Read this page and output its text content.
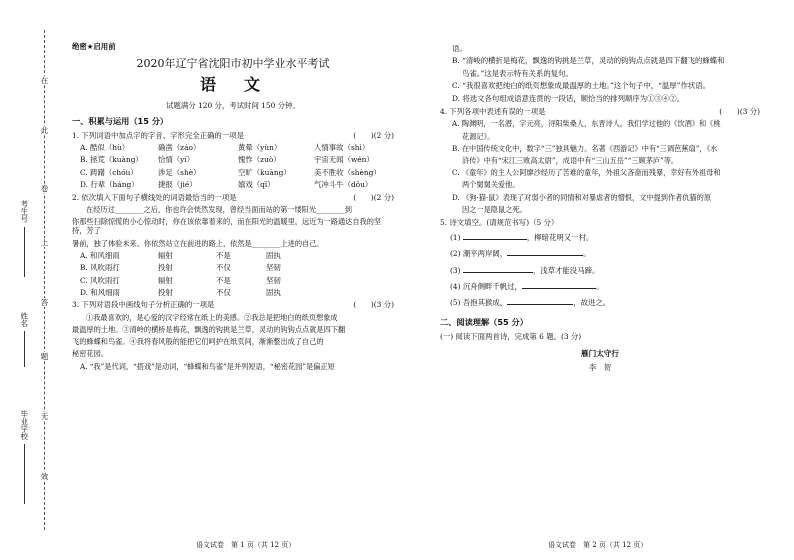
在
此
卷
上
答
题
无
效
考生号
姓名
毕业学校
绝密★启用前
2020年辽宁省沈阳市初中学业水平考试
语　文
试题满分 120 分，考试时间 150 分钟。
一、积累与运用（15 分）
1. 下列词语中加点字的字音、字形完全正确的一项是	(　　)(2 分)
A. 酷似（hù）	确凿（záo）	黄晕（yùn）	人情事故（shì）
B. 拯荒（kuàng）	恰情（yí）	愧怍（zuò）	宇宙无闻（wén）
C. 踌躇（chóu）	涉足（shè）	空旷（kuàng）	美不胜收（shèng）
D. 行辈（háng）	捷报（jié）	嬉戏（qī）	气冲斗牛（dǒu）
2. 依次填入下面句子横线处的词语最恰当的一项是	(　　)(2 分)
在经历过________之后，你也许会恍然发现，曾经当面而站的第一缕阳光________到
你那些扫除惊慌的小心惊动时，你在该依靠着来的，而在阳光的温暖里，远近为一路通达自我的坚持，芳了
暑前，独了体验未来、你依然站立在前进的路上，依然是________上进的自己。
A. 和风细雨	辐射	不是	固执
B. 风吹雨打	投射	不仅	坚韧
C. 风吹雨打	辐射	不是	坚韧
D. 和风细雨	投射	不仅	固执
3. 下列对语段中画线句子分析正确的一项是	(　　)(3 分)
①我最喜欢的，是心爱的汉字经常在纸上的美感。②我总是把地白的纸页想象成
最温厚的土地。③清岭的横桥是梅花，飘逸的钩挑是兰草，灵动的钩钩点点就是四下翻
飞的蜂蝶和鸟雀。④我将春风般的能把它们呵护在纸页间，渐渐整出成了自己的
秘密花园。
A. “我”是代词，“搭戏”是动词，“蜂蝶和鸟雀”是并列短语，“秘密花园”是偏正短
语文试卷　第 1 页（共 12 页）
语。
B. “清峻的横折是梅花，飘逸的钩挑是兰草，灵动的钩钩点点就是四下翻飞的蜂蝶和
鸟雀。”这是表示特有关系的复句。
C. “我很喜欢把纯白的纸页想象成最温厚的土地。”这个句子中，“温厚”作状语。
D. 将选文各句组成语意连贯的一段话，顺恰当的排列顺序为①③④②。
4. 下列各项中表述有误的一项是	(　　)(3 分)
A. 陶渊明，一名潜，字元亮，浔阳柴桑人，东晋诗人。我们学过他的《饮酒》和《桃
花源记》。
B. 在中国传统文化中，数字“三”独具魅力。名著《西游记》中有“三调芭蕉扇”，《水
浒传》中有“宋江三败高太尉”，成语中有“三山五岳”“三顾茅庐”等。
C. 《童年》的主人公阿廖沙经历了苦难的童年，外祖父吝啬而残暴，幸好有外祖母和
两个舅舅关爱他。
D. 《狗·猫·鼠》表现了对弱小者的同情和对暴虐者的憎恨，文中提到作者仇猫的原
因之一是隐鼠之死。
5. 诗文填空。(请规范书写)（5 分）
(1)	，柳暗花明又一村。
(2) 潮平两岸阔，	。
(3)	，浅草才能没马蹄。
(4) 沉舟侧畔千帆过，	。
(5) 吾抱其猴成，	，故进之。
二、阅读理解（55 分）
(一) 阅读下面两首诗，完成第 6 题。(3 分)
雁门太守行
李　贺
语文试卷　第 2 页（共 12 页）
